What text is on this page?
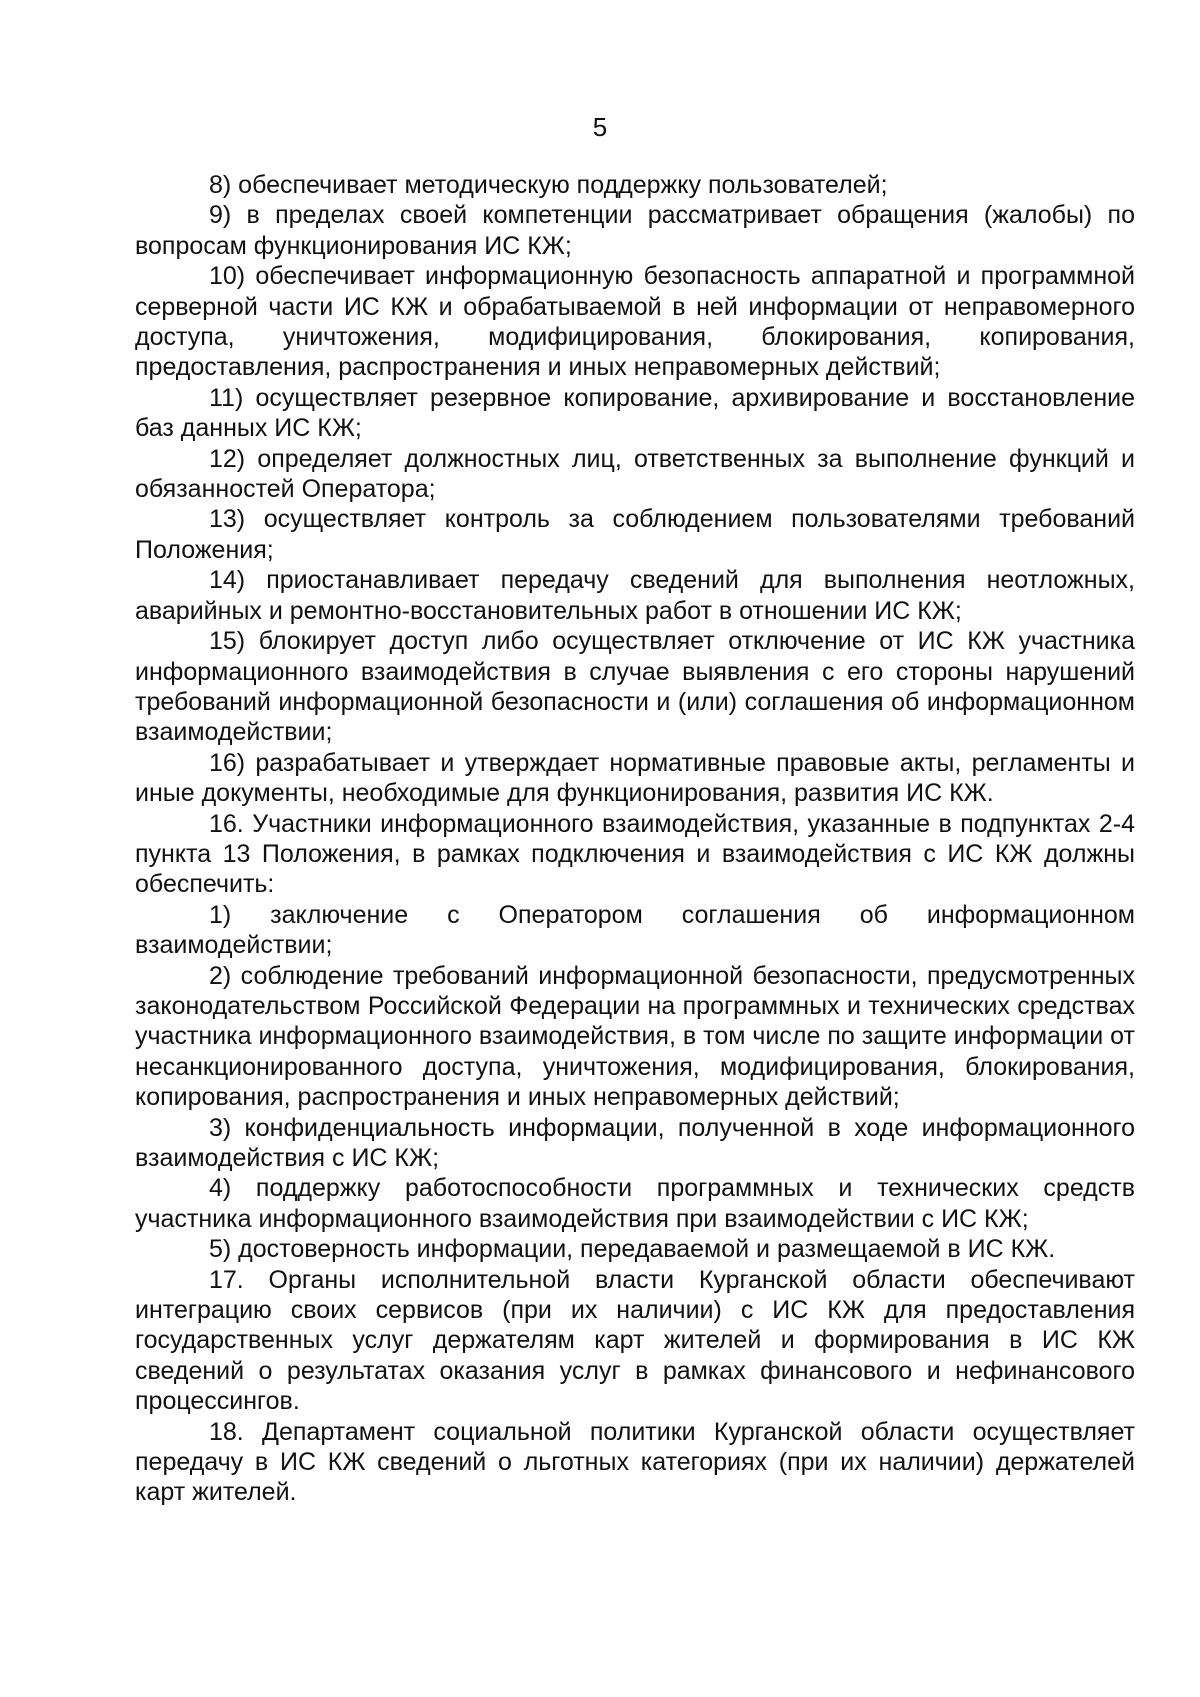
5

8) обеспечивает методическую поддержку пользователей;

9) в пределах своей компетенции рассматривает обращения (жалобы) по вопросам функционирования ИС КЖ;

10) обеспечивает информационную безопасность аппаратной и программной серверной части ИС КЖ и обрабатываемой в ней информации от неправомерного доступа, уничтожения, модифицирования, блокирования, копирования, предоставления, распространения и иных неправомерных действий;

11) осуществляет резервное копирование, архивирование и восстановление баз данных ИС КЖ;

12) определяет должностных лиц, ответственных за выполнение функций и обязанностей Оператора;

13) осуществляет контроль за соблюдением пользователями требований Положения;

14) приостанавливает передачу сведений для выполнения неотложных, аварийных и ремонтно-восстановительных работ в отношении ИС КЖ;

15) блокирует доступ либо осуществляет отключение от ИС КЖ участника информационного взаимодействия в случае выявления с его стороны нарушений требований информационной безопасности и (или) соглашения об информационном взаимодействии;

16) разрабатывает и утверждает нормативные правовые акты, регламенты и иные документы, необходимые для функционирования, развития ИС КЖ.

16. Участники информационного взаимодействия, указанные в подпунктах 2-4 пункта 13 Положения, в рамках подключения и взаимодействия с ИС КЖ должны обеспечить:

1) заключение с Оператором соглашения об информационном взаимодействии;

2) соблюдение требований информационной безопасности, предусмотренных законодательством Российской Федерации на программных и технических средствах участника информационного взаимодействия, в том числе по защите информации от несанкционированного доступа, уничтожения, модифицирования, блокирования, копирования, распространения и иных неправомерных действий;

3) конфиденциальность информации, полученной в ходе информационного взаимодействия с ИС КЖ;

4) поддержку работоспособности программных и технических средств участника информационного взаимодействия при взаимодействии с ИС КЖ;

5) достоверность информации, передаваемой и размещаемой в ИС КЖ.

17. Органы исполнительной власти Курганской области обеспечивают интеграцию своих сервисов (при их наличии) с ИС КЖ для предоставления государственных услуг держателям карт жителей и формирования в ИС КЖ сведений о результатах оказания услуг в рамках финансового и нефинансового процессингов.

18. Департамент социальной политики Курганской области осуществляет передачу в ИС КЖ сведений о льготных категориях (при их наличии) держателей карт жителей.
